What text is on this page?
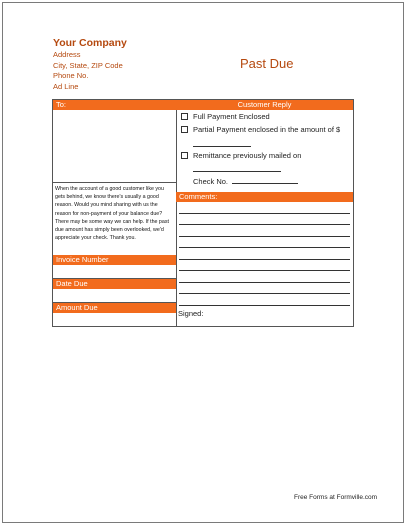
Your Company
Address
City, State, ZIP Code
Phone No.
Ad Line
Past Due
To:
When the account of a good customer like you gets behind, we know there's usually a good reason. Would you mind sharing with us the reason for non-payment of your balance due? There may be some way we can help. If the past due amount has simply been overlooked, we'd appreciate your check. Thank you.
Invoice Number
Date Due
Amount Due
Customer Reply
Full Payment Enclosed
Partial Payment enclosed in the amount of $
Remittance previously mailed on
Check No.
Comments:
Signed:
Free Forms at Formville.com
